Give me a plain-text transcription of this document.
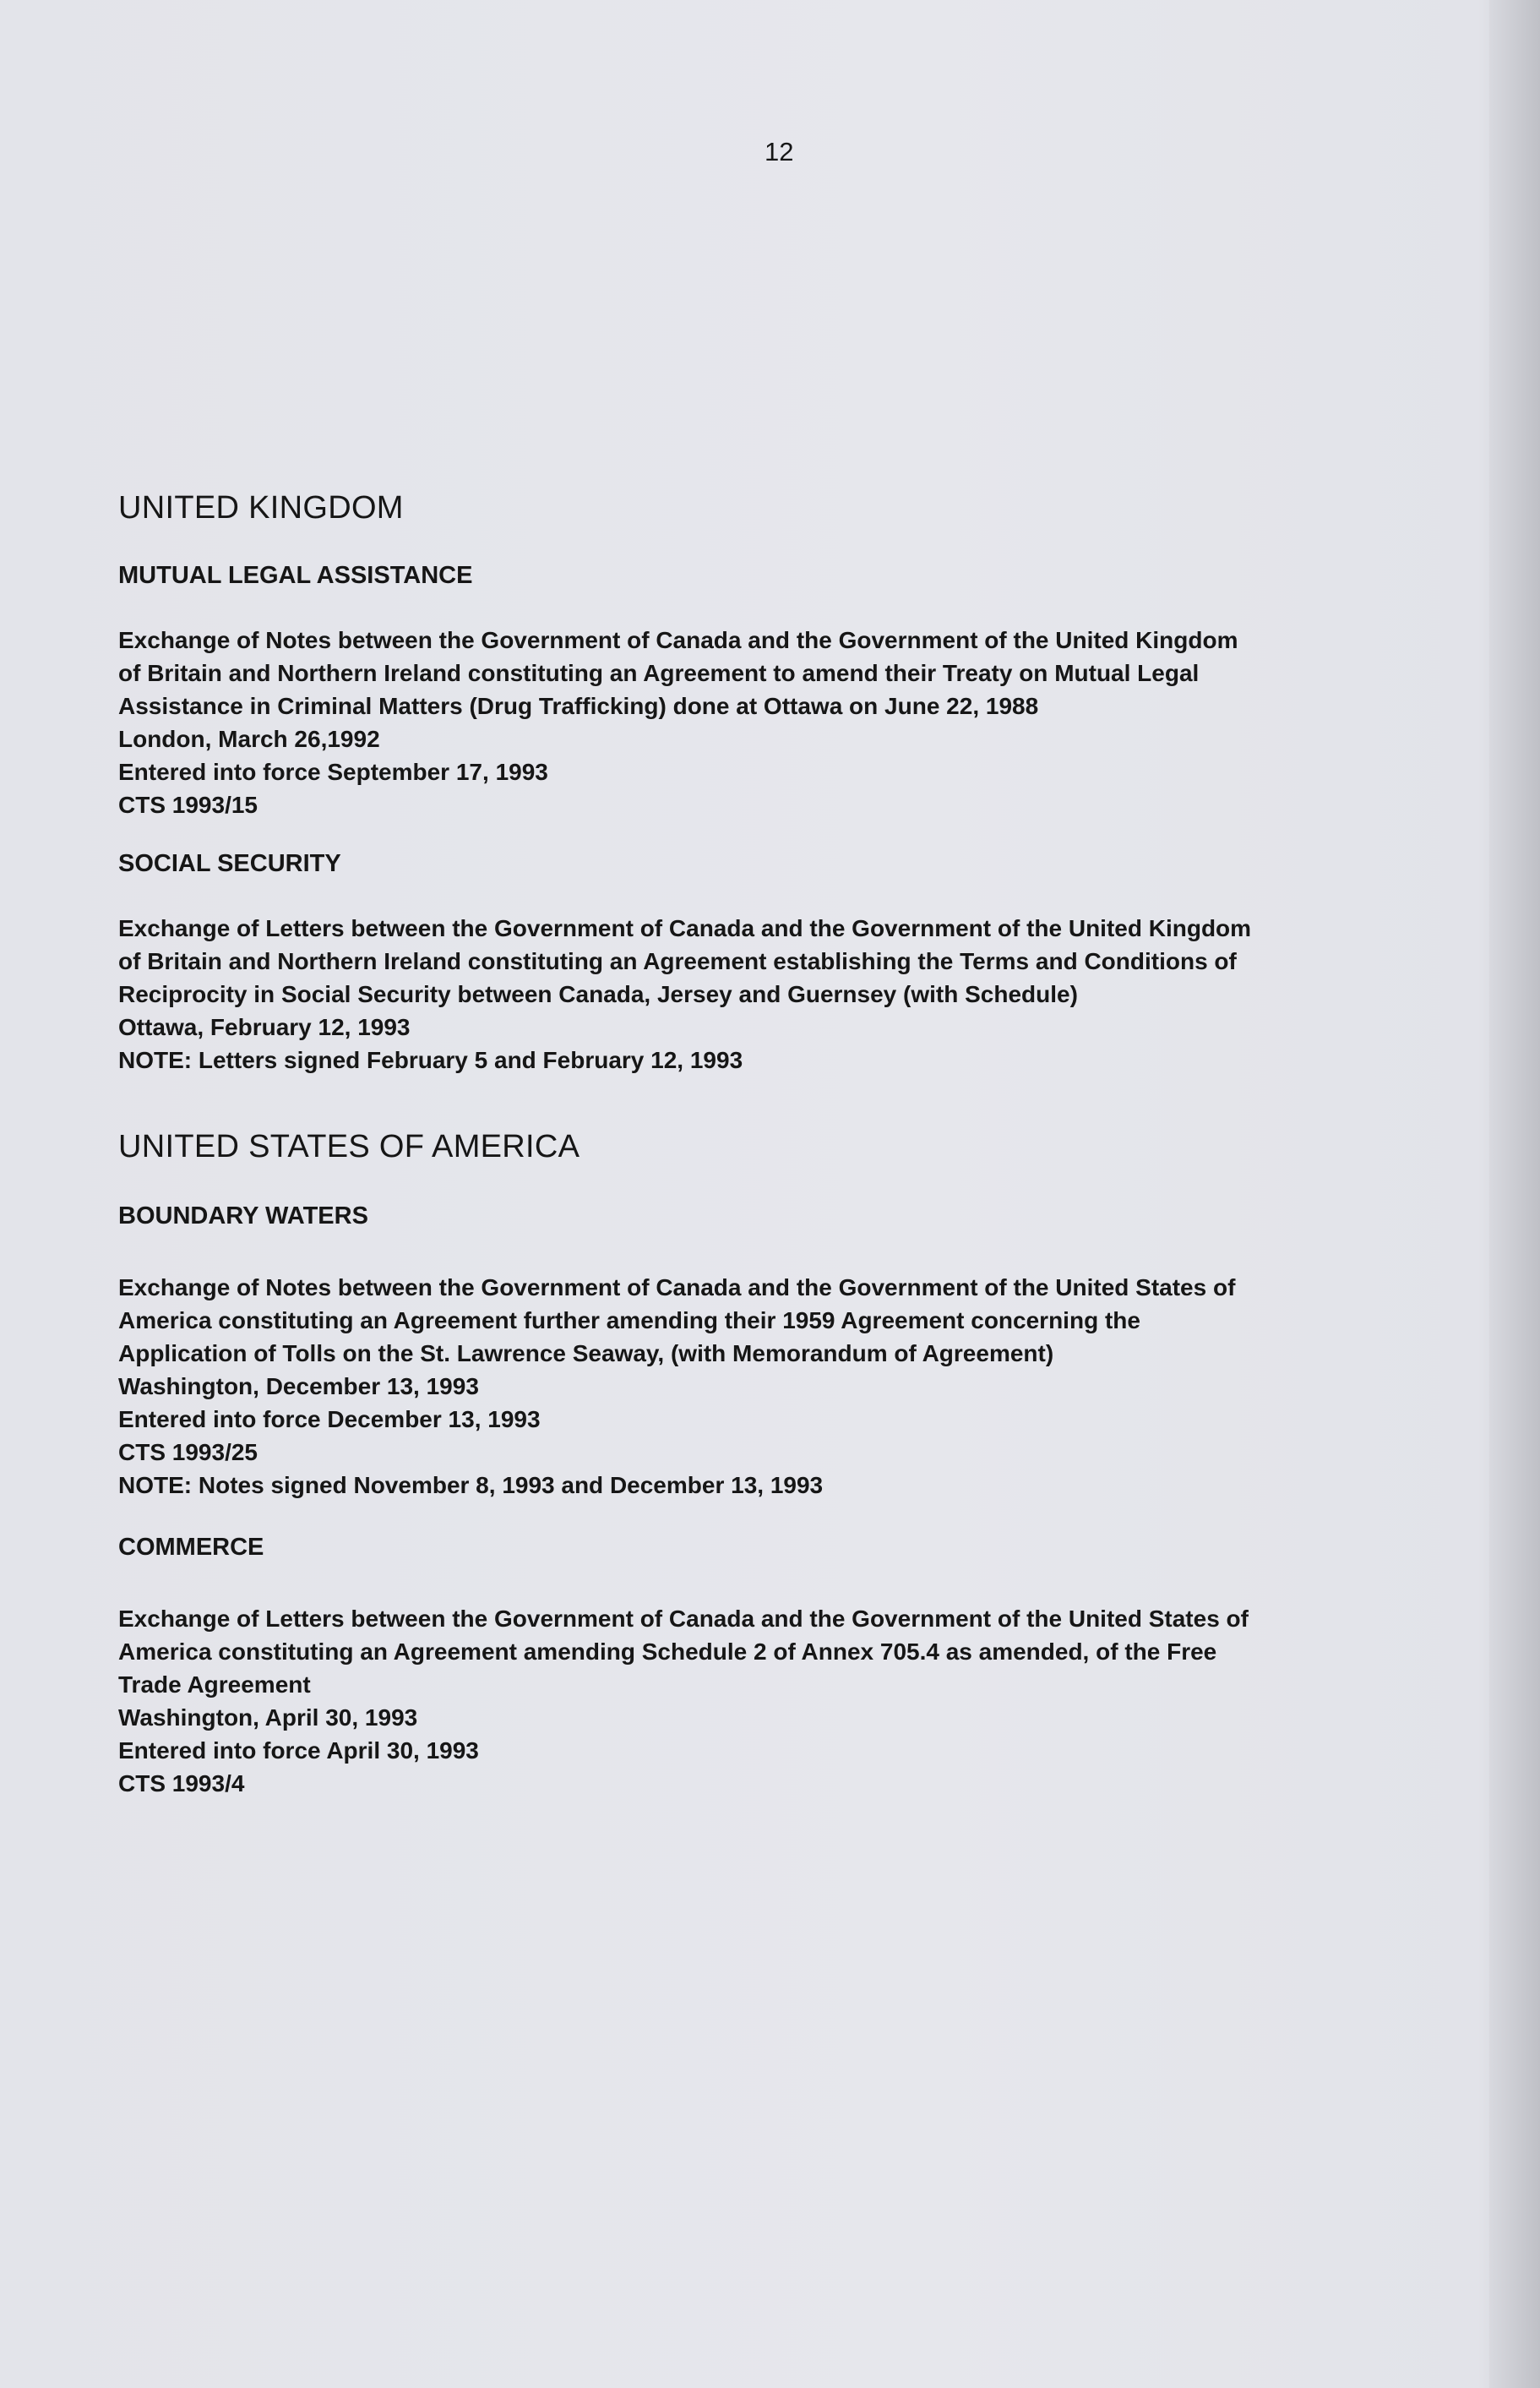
12
UNITED KINGDOM
MUTUAL LEGAL ASSISTANCE
Exchange of Notes between the Government of Canada and the Government of the United Kingdom
of Britain and Northern Ireland constituting an Agreement to amend their Treaty on Mutual Legal
Assistance in Criminal Matters (Drug Trafficking) done at Ottawa on June 22, 1988
London, March 26,1992
Entered into force September 17, 1993
CTS 1993/15
SOCIAL SECURITY
Exchange of Letters between the Government of Canada and the Government of the United Kingdom
of Britain and Northern Ireland constituting an Agreement establishing the Terms and Conditions of
Reciprocity in Social Security between Canada, Jersey and Guernsey (with Schedule)
Ottawa, February 12, 1993
NOTE: Letters signed February 5 and February 12, 1993
UNITED STATES OF AMERICA
BOUNDARY WATERS
Exchange of Notes between the Government of Canada and the Government of the United States of
America constituting an Agreement further amending their 1959 Agreement concerning the
Application of Tolls on the St. Lawrence Seaway, (with Memorandum of Agreement)
Washington, December 13, 1993
Entered into force December 13, 1993
CTS 1993/25
NOTE: Notes signed November 8, 1993 and December 13, 1993
COMMERCE
Exchange of Letters between the Government of Canada and the Government of the United States of
America constituting an Agreement amending Schedule 2 of Annex 705.4 as amended, of the Free
Trade Agreement
Washington, April 30, 1993
Entered into force April 30, 1993
CTS 1993/4
